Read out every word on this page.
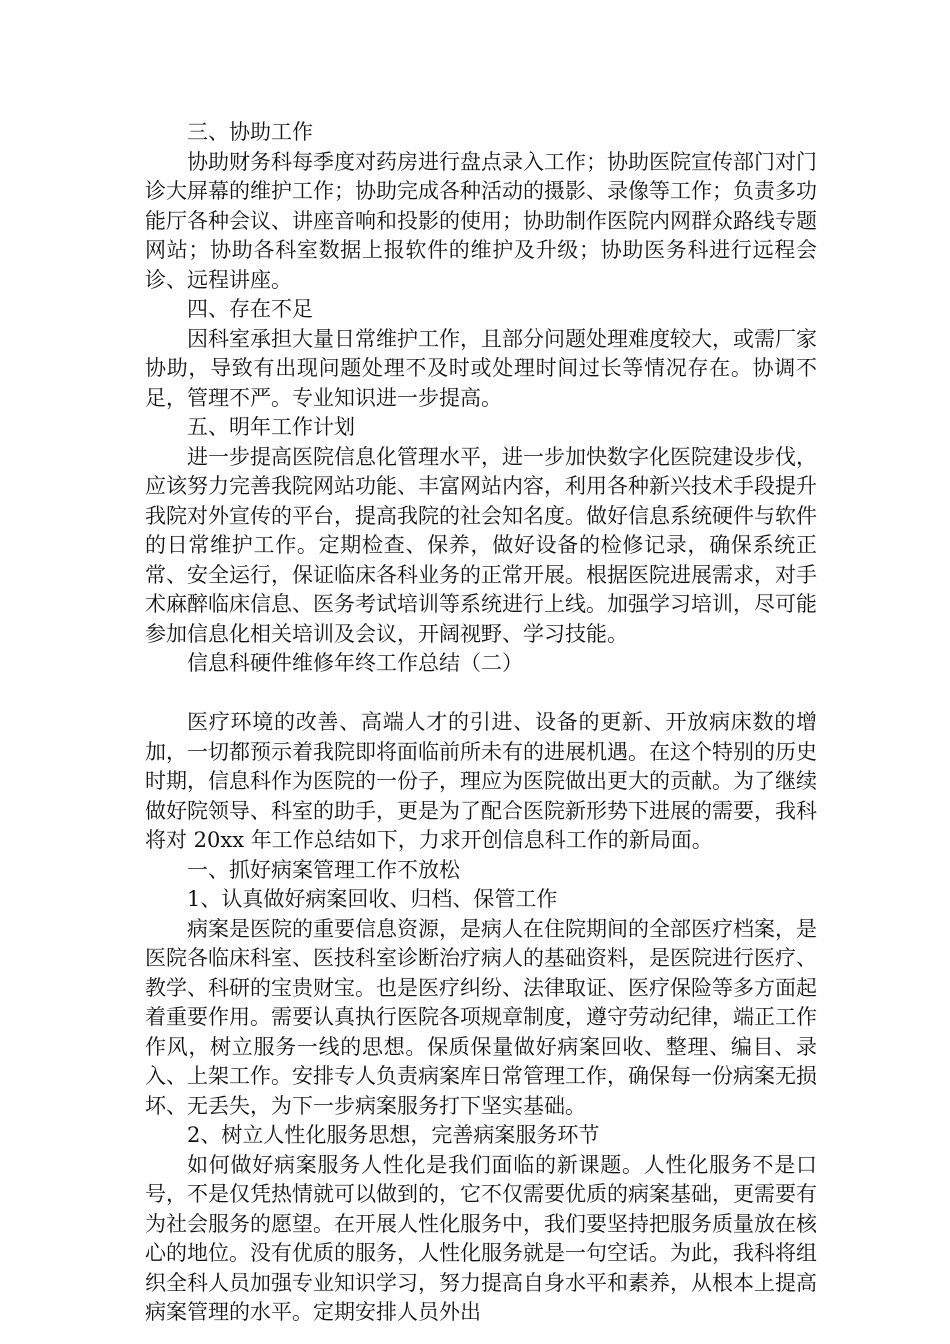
三、协助工作

协助财务科每季度对药房进行盘点录入工作；协助医院宣传部门对门诊大屏幕的维护工作；协助完成各种活动的摄影、录像等工作；负责多功能厅各种会议、讲座音响和投影的使用；协助制作医院内网群众路线专题网站；协助各科室数据上报软件的维护及升级；协助医务科进行远程会诊、远程讲座。

四、存在不足

因科室承担大量日常维护工作，且部分问题处理难度较大，或需厂家协助，导致有出现问题处理不及时或处理时间过长等情况存在。协调不足，管理不严。专业知识进一步提高。

五、明年工作计划

进一步提高医院信息化管理水平，进一步加快数字化医院建设步伐，应该努力完善我院网站功能、丰富网站内容，利用各种新兴技术手段提升我院对外宣传的平台，提高我院的社会知名度。做好信息系统硬件与软件的日常维护工作。定期检查、保养，做好设备的检修记录，确保系统正常、安全运行，保证临床各科业务的正常开展。根据医院进展需求，对手术麻醉临床信息、医务考试培训等系统进行上线。加强学习培训，尽可能参加信息化相关培训及会议，开阔视野、学习技能。

信息科硬件维修年终工作总结（二）

医疗环境的改善、高端人才的引进、设备的更新、开放病床数的增加，一切都预示着我院即将面临前所未有的进展机遇。在这个特别的历史时期，信息科作为医院的一份子，理应为医院做出更大的贡献。为了继续做好院领导、科室的助手，更是为了配合医院新形势下进展的需要，我科将对 20xx 年工作总结如下，力求开创信息科工作的新局面。

一、抓好病案管理工作不放松

1、认真做好病案回收、归档、保管工作

病案是医院的重要信息资源，是病人在住院期间的全部医疗档案，是医院各临床科室、医技科室诊断治疗病人的基础资料，是医院进行医疗、教学、科研的宝贵财宝。也是医疗纠纷、法律取证、医疗保险等多方面起着重要作用。需要认真执行医院各项规章制度，遵守劳动纪律，端正工作作风，树立服务一线的思想。保质保量做好病案回收、整理、编目、录入、上架工作。安排专人负责病案库日常管理工作，确保每一份病案无损坏、无丢失，为下一步病案服务打下坚实基础。

2、树立人性化服务思想，完善病案服务环节

如何做好病案服务人性化是我们面临的新课题。人性化服务不是口号，不是仅凭热情就可以做到的，它不仅需要优质的病案基础，更需要有为社会服务的愿望。在开展人性化服务中，我们要坚持把服务质量放在核心的地位。没有优质的服务，人性化服务就是一句空话。为此，我科将组织全科人员加强专业知识学习，努力提高自身水平和素养，从根本上提高病案管理的水平。定期安排人员外出
